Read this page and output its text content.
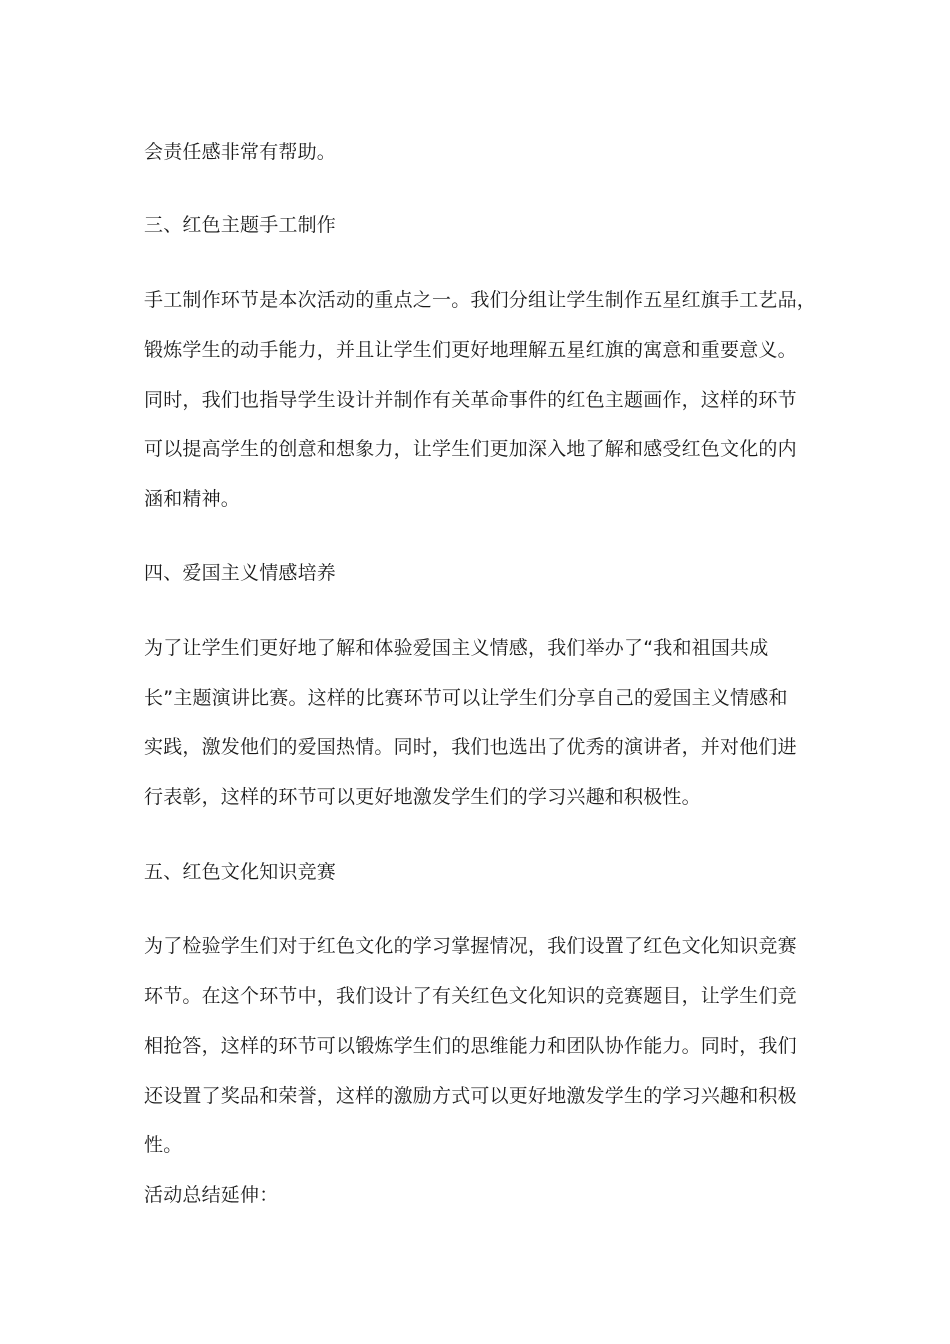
会责任感非常有帮助。
三、红色主题手工制作
手工制作环节是本次活动的重点之一。我们分组让学生制作五星红旗手工艺品，
锻炼学生的动手能力，并且让学生们更好地理解五星红旗的寓意和重要意义。
同时，我们也指导学生设计并制作有关革命事件的红色主题画作，这样的环节
可以提高学生的创意和想象力，让学生们更加深入地了解和感受红色文化的内
涵和精神。
四、爱国主义情感培养
为了让学生们更好地了解和体验爱国主义情感，我们举办了“我和祖国共成
长”主题演讲比赛。这样的比赛环节可以让学生们分享自己的爱国主义情感和
实践，激发他们的爱国热情。同时，我们也选出了优秀的演讲者，并对他们进
行表彰，这样的环节可以更好地激发学生们的学习兴趣和积极性。
五、红色文化知识竞赛
为了检验学生们对于红色文化的学习掌握情况，我们设置了红色文化知识竞赛
环节。在这个环节中，我们设计了有关红色文化知识的竞赛题目，让学生们竞
相抢答，这样的环节可以锻炼学生们的思维能力和团队协作能力。同时，我们
还设置了奖品和荣誉，这样的激励方式可以更好地激发学生的学习兴趣和积极
性。
活动总结延伸：
